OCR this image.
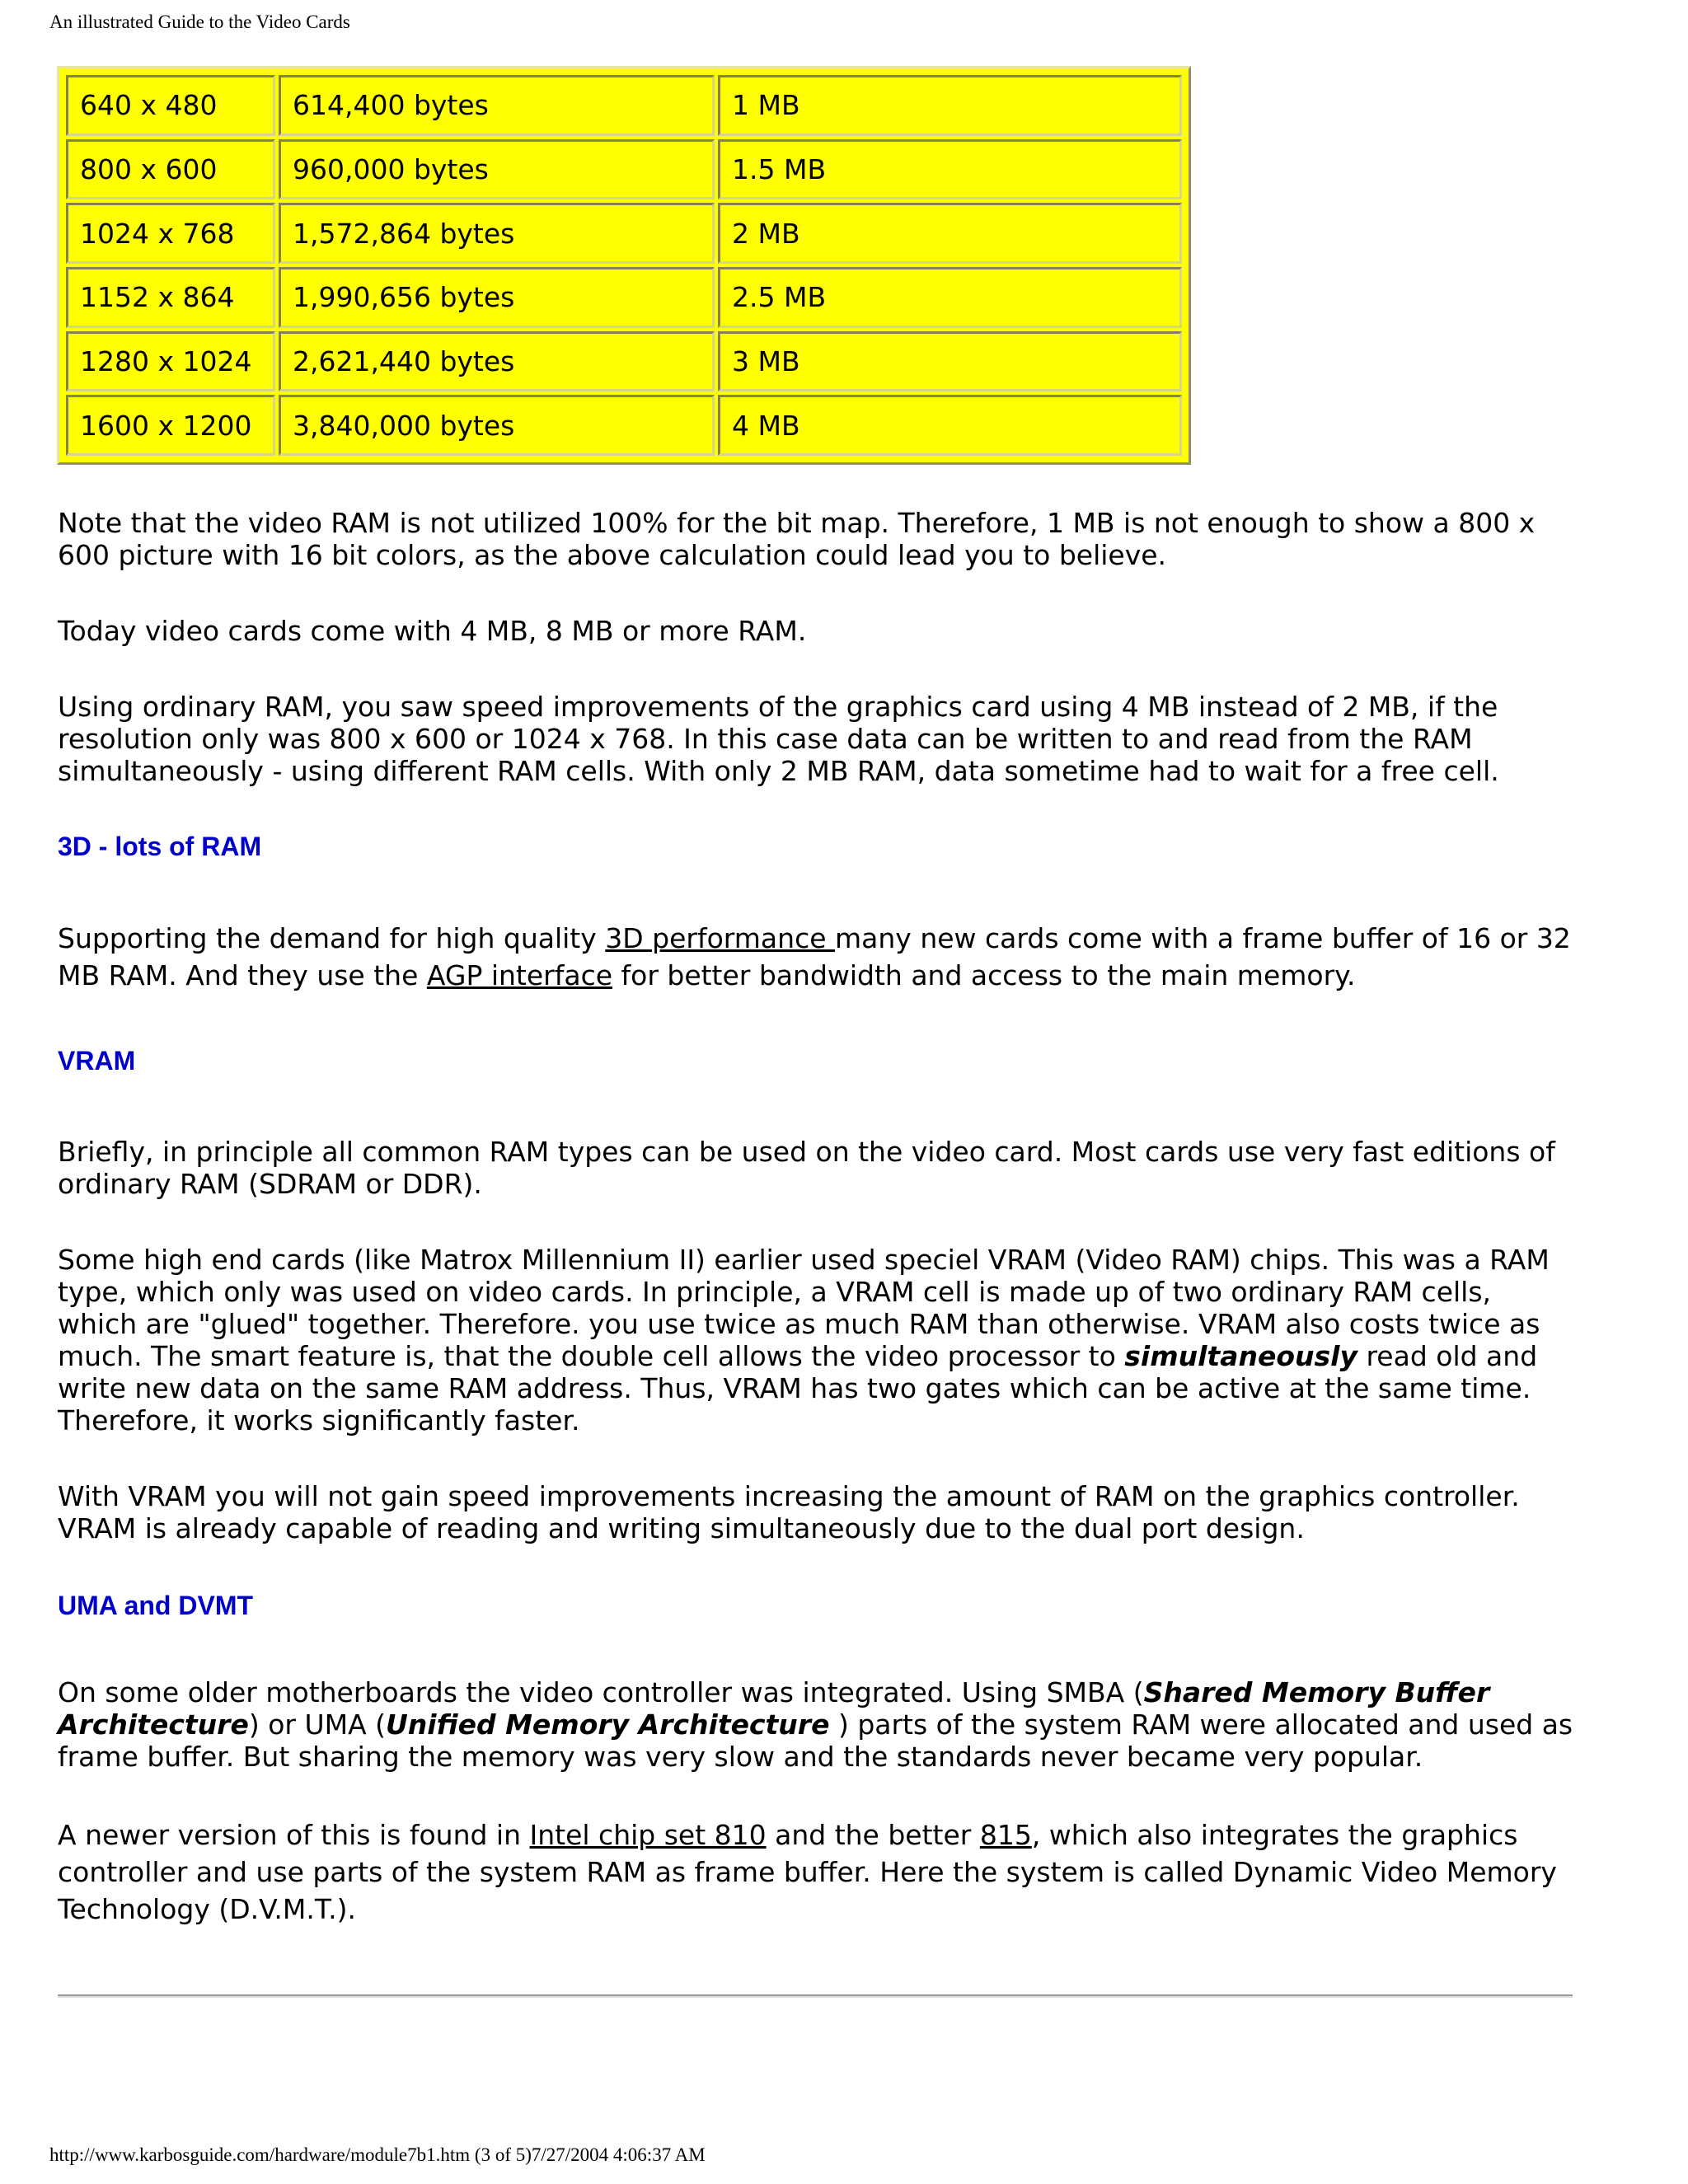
An illustrated Guide to the Video Cards
640 x 480	614,400 bytes	1 MB
800 x 600	960,000 bytes	1.5 MB
1024 x 768	1,572,864 bytes	2 MB
1152 x 864	1,990,656 bytes	2.5 MB
1280 x 1024	2,621,440 bytes	3 MB
1600 x 1200	3,840,000 bytes	4 MB

Note that the video RAM is not utilized 100% for the bit map. Therefore, 1 MB is not enough to show a 800 x 600 picture with 16 bit colors, as the above calculation could lead you to believe.

Today video cards come with 4 MB, 8 MB or more RAM.

Using ordinary RAM, you saw speed improvements of the graphics card using 4 MB instead of 2 MB, if the resolution only was 800 x 600 or 1024 x 768. In this case data can be written to and read from the RAM simultaneously - using different RAM cells. With only 2 MB RAM, data sometime had to wait for a free cell.

3D - lots of RAM

Supporting the demand for high quality 3D performance many new cards come with a frame buffer of 16 or 32 MB RAM. And they use the AGP interface for better bandwidth and access to the main memory.

VRAM

Briefly, in principle all common RAM types can be used on the video card. Most cards use very fast editions of ordinary RAM (SDRAM or DDR).

Some high end cards (like Matrox Millennium II) earlier used speciel VRAM (Video RAM) chips. This was a RAM type, which only was used on video cards. In principle, a VRAM cell is made up of two ordinary RAM cells, which are "glued" together. Therefore. you use twice as much RAM than otherwise. VRAM also costs twice as much. The smart feature is, that the double cell allows the video processor to simultaneously read old and write new data on the same RAM address. Thus, VRAM has two gates which can be active at the same time. Therefore, it works significantly faster.

With VRAM you will not gain speed improvements increasing the amount of RAM on the graphics controller. VRAM is already capable of reading and writing simultaneously due to the dual port design.

UMA and DVMT

On some older motherboards the video controller was integrated. Using SMBA (Shared Memory Buffer Architecture) or UMA (Unified Memory Architecture ) parts of the system RAM were allocated and used as frame buffer. But sharing the memory was very slow and the standards never became very popular.

A newer version of this is found in Intel chip set 810 and the better 815, which also integrates the graphics controller and use parts of the system RAM as frame buffer. Here the system is called Dynamic Video Memory Technology (D.V.M.T.).

http://www.karbosguide.com/hardware/module7b1.htm (3 of 5)7/27/2004 4:06:37 AM
